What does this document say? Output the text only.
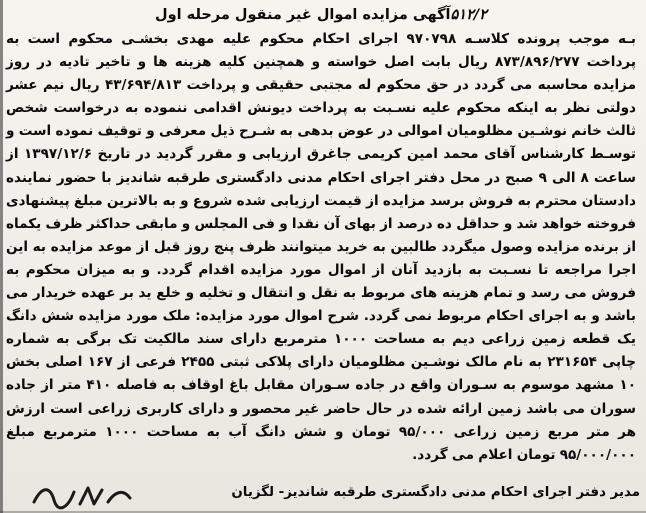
۵۱۲/۲آگهی مزایده اموال غیر منقول مرحله اول

بـه موجب پرونده کلاسـه ۹۷۰۷۹۸ اجرای احکام محکوم علیه مهدی بخشـی محکوم است به پرداخت ۸۷۳/۸۹۶/۲۷۷ ریال بابت اصل خواسته و همچنین کلیه هزینه ها و تاخیر تادیه در روز مزایده محاسبه می گردد در حق محکوم له مجتبی حقیقی و پرداخت ۴۳/۶۹۴/۸۱۳ ریال نیم عشر دولتی نظر به اینکه محکوم علیه نسـبت به پرداخت دیونش اقدامی ننموده به درخواست شخص ثالث خانم نوشـین مظلومیان اموالی در عوض بدهی به شـرح ذیل معرفی و توقیف نموده است و توسـط کارشناس آقای محمد امین کریمی جاغرق ارزیابی و مقرر گردید در تاریخ ۱۳۹۷/۱۲/۶ از ساعت ۸ الی ۹ صبح در محل دفتر اجرای احکام مدنی دادگستری طرقبه شاندیز با حضور نماینده دادستان محترم به فروش برسد مزایده از قیمت ارزیابی شده شروع و به بالاترین مبلغ پیشنهادی فروخته خواهد شد و حداقل ده درصد از بهای آن نقدا و فی المجلس و مابقی حداکثر ظرف یکماه از برنده مزایده وصول میگردد طالبین به خرید میتوانند ظرف پنج روز قبل از موعد مزایده به این اجرا مراجعه تا نسـبت به بازدید آنان از اموال مورد مزایده اقدام گردد. و به میزان محکوم به فروش می رسد و تمام هزینه های مربوط به نقل و انتقال و تخلیه و خلع ید بر عهده خریدار می باشد و به اجرای احکام مربوط نمی گردد. شرح اموال مورد مزایده: ملک مورد مزایده شش دانگ یک قطعه زمین زراعی دیم به مساحت ۱۰۰۰ مترمربع دارای سند مالکیت تک برگی به شماره چاپی ۲۳۱۶۵۴ به نام مالک نوشـین مظلومیان دارای پلاکی ثبتی ۲۴۵۵ فرعی از ۱۶۷ اصلی بخش ۱۰ مشهد موسوم به سـوران واقع در جاده سـوران مقابل باغ اوقاف به فاصله ۴۱۰ متر از جاده سوران می باشد زمین ارائه شده در حال حاضر غیر محصور و دارای کاربری زراعی است ارزش هر متر مربع زمین زراعی ۹۵/۰۰۰ تومان و شش دانگ آب به مساحت ۱۰۰۰ مترمربع مبلغ ۹۵/۰۰۰/۰۰۰ تومان اعلام می گردد.

مدیر دفتر اجرای احکام مدنی دادگستری طرقبه شاندیز- لگزیان
